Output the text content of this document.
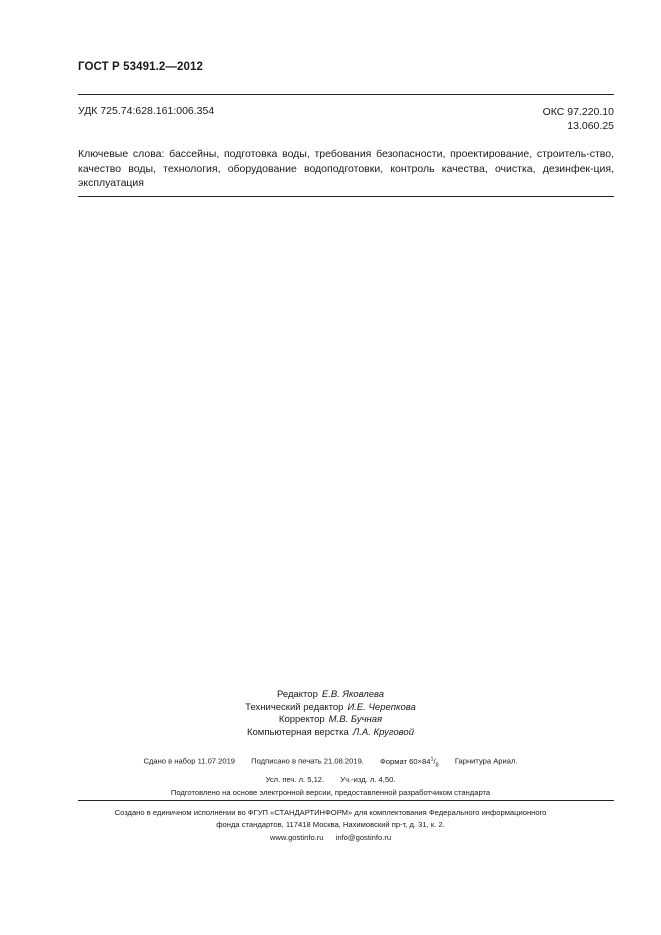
ГОСТ Р 53491.2—2012
УДК 725.74:628.161:006.354	ОКС 97.220.10
13.060.25
Ключевые слова: бассейны, подготовка воды, требования безопасности, проектирование, строитель-ство, качество воды, технология, оборудование водоподготовки, контроль качества, очистка, дезинфек-ция, эксплуатация
Редактор Е.В. Яковлева
Технический редактор И.Е. Черепкова
Корректор М.В. Бучная
Компьютерная верстка Л.А. Круговой
Сдано в набор 11.07.2019 Подписано в печать 21.08.2019. Формат $60\times 84^1/_8$ Гарнитура Ариал.
Усл. печ. л. 5,12. Уч.-изд. л. 4,50.
Подготовлено на основе электронной версии, предоставленной разработчиком стандарта
Создано в единичном исполнении во ФГУП «СТАНДАРТИНФОРМ» для комплектования Федерального информационного
фонда стандартов, 117418 Москва, Нахимовский пр-т, д. 31, к. 2.
www.gostinfo.ru info@gostinfo.ru
